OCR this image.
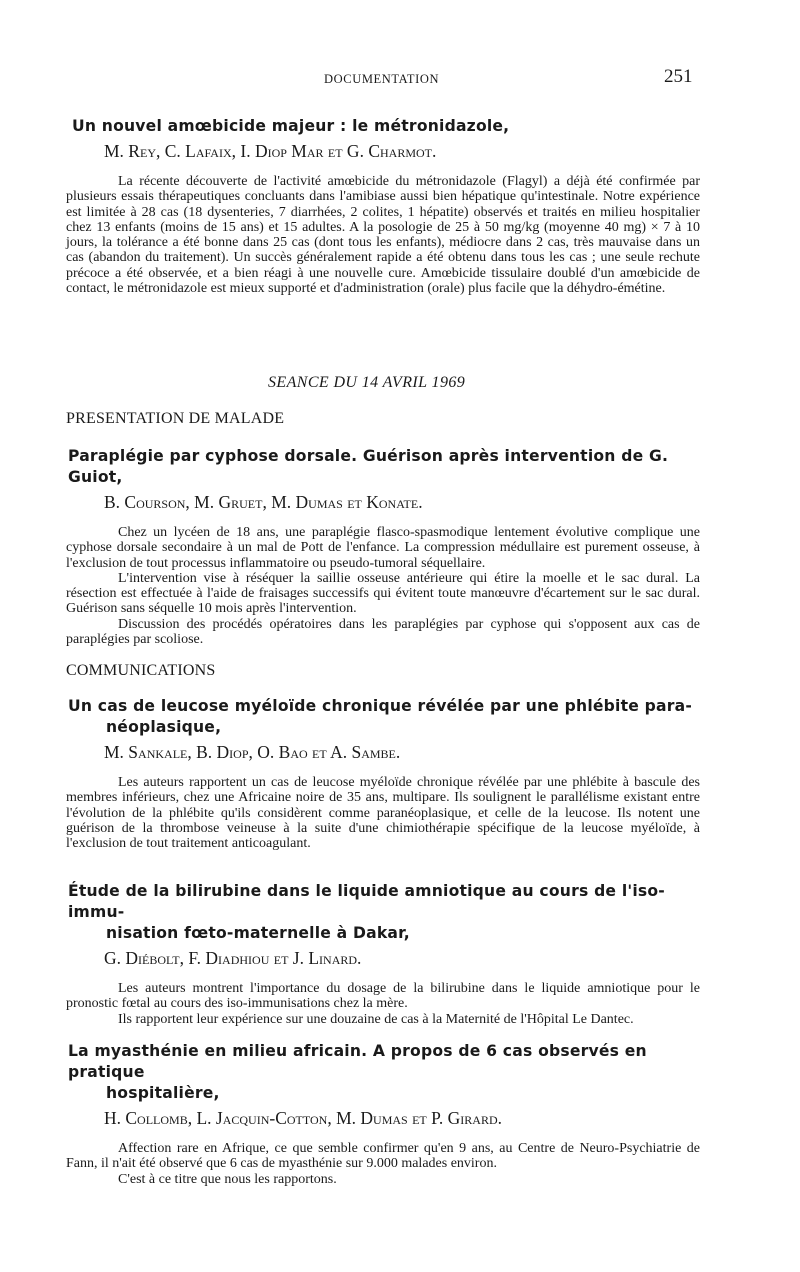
DOCUMENTATION	251

Un nouvel amœbicide majeur : le métronidazole,

M. Rey, C. Lafaix, I. Diop Mar et G. Charmot.

La récente découverte de l'activité amœbicide du métronidazole (Flagyl) a déjà été confirmée par plusieurs essais thérapeutiques concluants dans l'amibiase aussi bien hépatique qu'intestinale. Notre expérience est limitée à 28 cas (18 dysenteries, 7 diarrhées, 2 colites, 1 hépatite) observés et traités en milieu hospitalier chez 13 enfants (moins de 15 ans) et 15 adultes. A la posologie de 25 à 50 mg/kg (moyenne 40 mg) × 7 à 10 jours, la tolérance a été bonne dans 25 cas (dont tous les enfants), médiocre dans 2 cas, très mauvaise dans un cas (abandon du traitement). Un succès généralement rapide a été obtenu dans tous les cas ; une seule rechute précoce a été observée, et a bien réagi à une nouvelle cure. Amœbicide tissulaire doublé d'un amœbicide de contact, le métronidazole est mieux supporté et d'administration (orale) plus facile que la déhydro-émétine.

SEANCE DU 14 AVRIL 1969
PRESENTATION DE MALADE

Paraplégie par cyphose dorsale. Guérison après intervention de G. Guiot,

B. Courson, M. Gruet, M. Dumas et Konate.

Chez un lycéen de 18 ans, une paraplégie flasco-spasmodique lentement évolutive complique une cyphose dorsale secondaire à un mal de Pott de l'enfance. La compression médullaire est purement osseuse, à l'exclusion de tout processus inflammatoire ou pseudo-tumoral séquellaire.
L'intervention vise à réséquer la saillie osseuse antérieure qui étire la moelle et le sac dural. La résection est effectuée à l'aide de fraisages successifs qui évitent toute manœuvre d'écartement sur le sac dural. Guérison sans séquelle 10 mois après l'intervention.
Discussion des procédés opératoires dans les paraplégies par cyphose qui s'opposent aux cas de paraplégies par scoliose.

COMMUNICATIONS

Un cas de leucose myéloïde chronique révélée par une phlébite para-
néoplasique,

M. Sankale, B. Diop, O. Bao et A. Sambe.

Les auteurs rapportent un cas de leucose myéloïde chronique révélée par une phlébite à bascule des membres inférieurs, chez une Africaine noire de 35 ans, multipare. Ils soulignent le parallélisme existant entre l'évolution de la phlébite qu'ils considèrent comme paranéoplasique, et celle de la leucose. Ils notent une guérison de la thrombose veineuse à la suite d'une chimiothérapie spécifique de la leucose myéloïde, à l'exclusion de tout traitement anticoagulant.

Étude de la bilirubine dans le liquide amniotique au cours de l'iso-immu-
nisation fœto-maternelle à Dakar,

G. Diébolt, F. Diadhiou et J. Linard.

Les auteurs montrent l'importance du dosage de la bilirubine dans le liquide amniotique pour le pronostic fœtal au cours des iso-immunisations chez la mère.
Ils rapportent leur expérience sur une douzaine de cas à la Maternité de l'Hôpital Le Dantec.

La myasthénie en milieu africain. A propos de 6 cas observés en pratique
hospitalière,

H. Collomb, L. Jacquin-Cotton, M. Dumas et P. Girard.

Affection rare en Afrique, ce que semble confirmer qu'en 9 ans, au Centre de Neuro-Psychiatrie de Fann, il n'ait été observé que 6 cas de myasthénie sur 9.000 malades environ.
C'est à ce titre que nous les rapportons.
